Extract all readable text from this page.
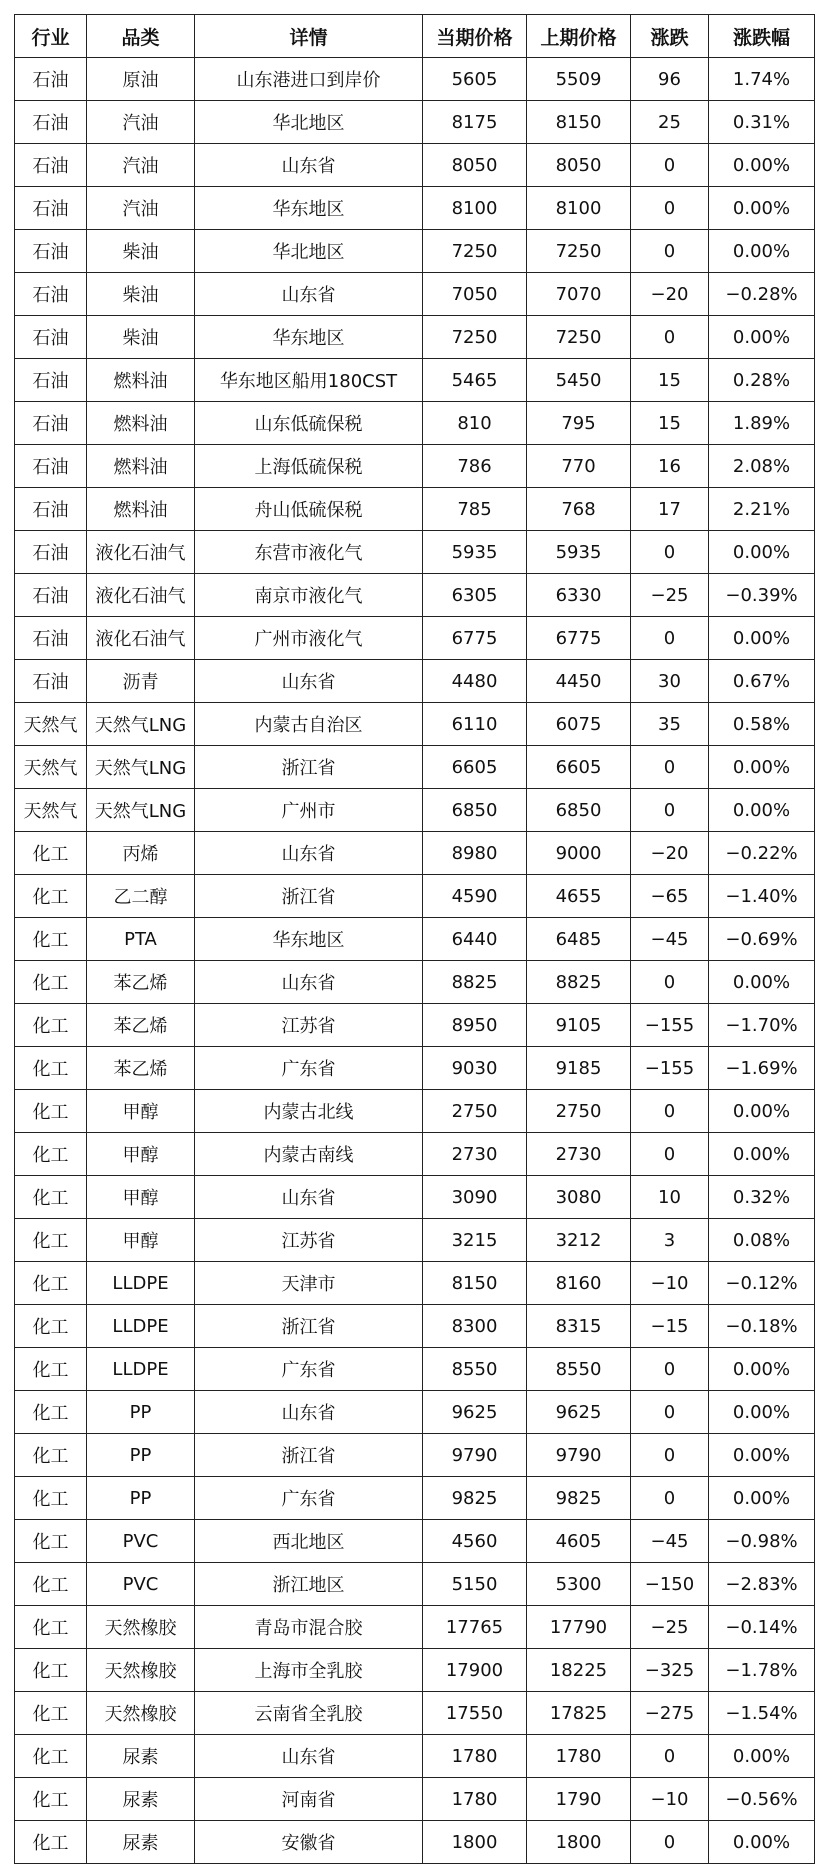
行业	品类	详情	当期价格	上期价格	涨跌	涨跌幅
石油	原油	山东港进口到岸价	5605	5509	96	1.74%
石油	汽油	华北地区	8175	8150	25	0.31%
石油	汽油	山东省	8050	8050	0	0.00%
石油	汽油	华东地区	8100	8100	0	0.00%
石油	柴油	华北地区	7250	7250	0	0.00%
石油	柴油	山东省	7050	7070	−20	−0.28%
石油	柴油	华东地区	7250	7250	0	0.00%
石油	燃料油	华东地区船用180CST	5465	5450	15	0.28%
石油	燃料油	山东低硫保税	810	795	15	1.89%
石油	燃料油	上海低硫保税	786	770	16	2.08%
石油	燃料油	舟山低硫保税	785	768	17	2.21%
石油	液化石油气	东营市液化气	5935	5935	0	0.00%
石油	液化石油气	南京市液化气	6305	6330	−25	−0.39%
石油	液化石油气	广州市液化气	6775	6775	0	0.00%
石油	沥青	山东省	4480	4450	30	0.67%
天然气	天然气LNG	内蒙古自治区	6110	6075	35	0.58%
天然气	天然气LNG	浙江省	6605	6605	0	0.00%
天然气	天然气LNG	广州市	6850	6850	0	0.00%
化工	丙烯	山东省	8980	9000	−20	−0.22%
化工	乙二醇	浙江省	4590	4655	−65	−1.40%
化工	PTA	华东地区	6440	6485	−45	−0.69%
化工	苯乙烯	山东省	8825	8825	0	0.00%
化工	苯乙烯	江苏省	8950	9105	−155	−1.70%
化工	苯乙烯	广东省	9030	9185	−155	−1.69%
化工	甲醇	内蒙古北线	2750	2750	0	0.00%
化工	甲醇	内蒙古南线	2730	2730	0	0.00%
化工	甲醇	山东省	3090	3080	10	0.32%
化工	甲醇	江苏省	3215	3212	3	0.08%
化工	LLDPE	天津市	8150	8160	−10	−0.12%
化工	LLDPE	浙江省	8300	8315	−15	−0.18%
化工	LLDPE	广东省	8550	8550	0	0.00%
化工	PP	山东省	9625	9625	0	0.00%
化工	PP	浙江省	9790	9790	0	0.00%
化工	PP	广东省	9825	9825	0	0.00%
化工	PVC	西北地区	4560	4605	−45	−0.98%
化工	PVC	浙江地区	5150	5300	−150	−2.83%
化工	天然橡胶	青岛市混合胶	17765	17790	−25	−0.14%
化工	天然橡胶	上海市全乳胶	17900	18225	−325	−1.78%
化工	天然橡胶	云南省全乳胶	17550	17825	−275	−1.54%
化工	尿素	山东省	1780	1780	0	0.00%
化工	尿素	河南省	1780	1790	−10	−0.56%
化工	尿素	安徽省	1800	1800	0	0.00%
